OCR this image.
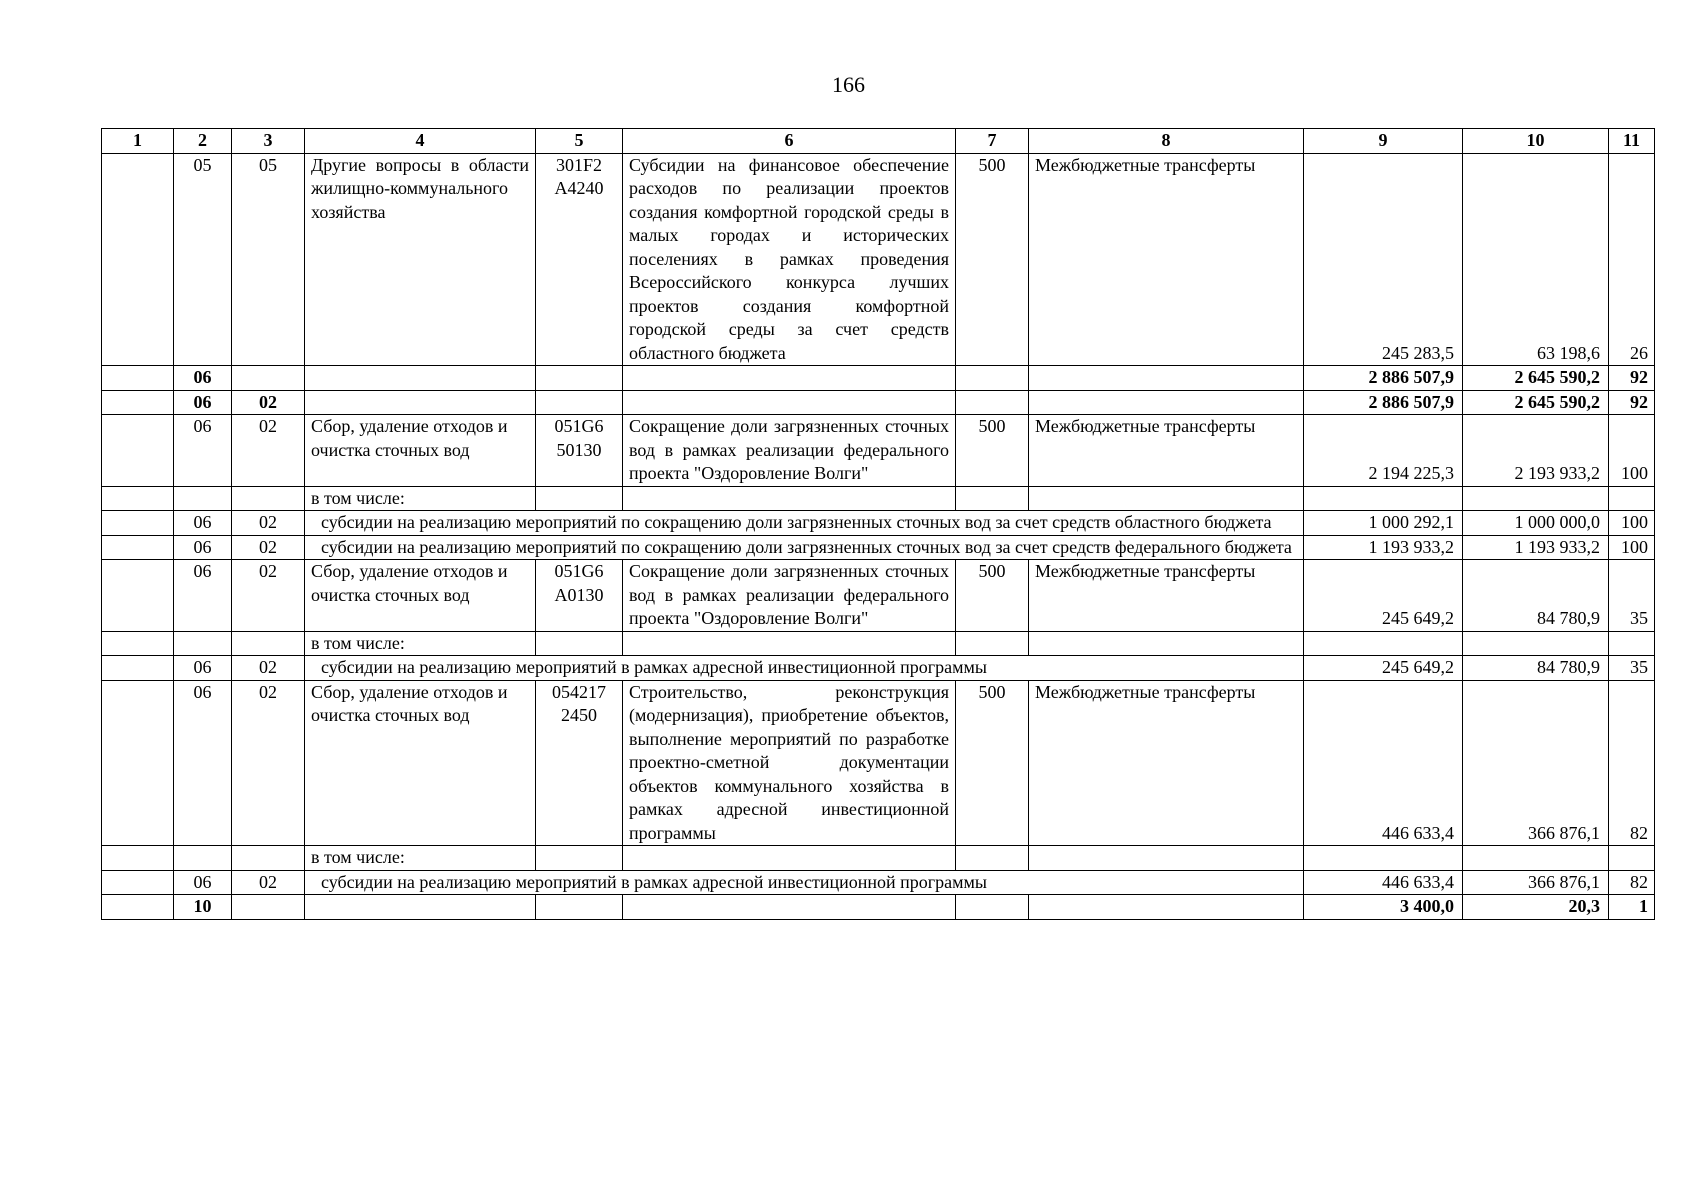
166
1	2	3	4	5	6	7	8	9	10	11
	05	05	Другие вопросы в области жилищно-коммунального хозяйства	301F2 A4240	Субсидии на финансовое обеспечение расходов по реализации проектов создания комфортной городской среды в малых городах и исторических поселениях в рамках проведения Всероссийского конкурса лучших проектов создания комфортной городской среды за счет средств областного бюджета	500	Межбюджетные трансферты	245 283,5	63 198,6	26
	06							2 886 507,9	2 645 590,2	92
	06	02						2 886 507,9	2 645 590,2	92
	06	02	Сбор, удаление отходов и очистка сточных вод	051G6 50130	Сокращение доли загрязненных сточных вод в рамках реализации федерального проекта "Оздоровление Волги"	500	Межбюджетные трансферты	2 194 225,3	2 193 933,2	100
			в том числе:							
	06	02	субсидии на реализацию мероприятий по сокращению доли загрязненных сточных вод за счет средств областного бюджета					1 000 292,1	1 000 000,0	100
	06	02	субсидии на реализацию мероприятий по сокращению доли загрязненных сточных вод за счет средств федерального бюджета					1 193 933,2	1 193 933,2	100
	06	02	Сбор, удаление отходов и очистка сточных вод	051G6 A0130	Сокращение доли загрязненных сточных вод в рамках реализации федерального проекта "Оздоровление Волги"	500	Межбюджетные трансферты	245 649,2	84 780,9	35
			в том числе:							
	06	02	субсидии на реализацию мероприятий в рамках адресной инвестиционной программы					245 649,2	84 780,9	35
	06	02	Сбор, удаление отходов и очистка сточных вод	054217 2450	Строительство, реконструкция (модернизация), приобретение объектов, выполнение мероприятий по разработке проектно-сметной документации объектов коммунального хозяйства в рамках адресной инвестиционной программы	500	Межбюджетные трансферты	446 633,4	366 876,1	82
			в том числе:							
	06	02	субсидии на реализацию мероприятий в рамках адресной инвестиционной программы					446 633,4	366 876,1	82
	10							3 400,0	20,3	1
